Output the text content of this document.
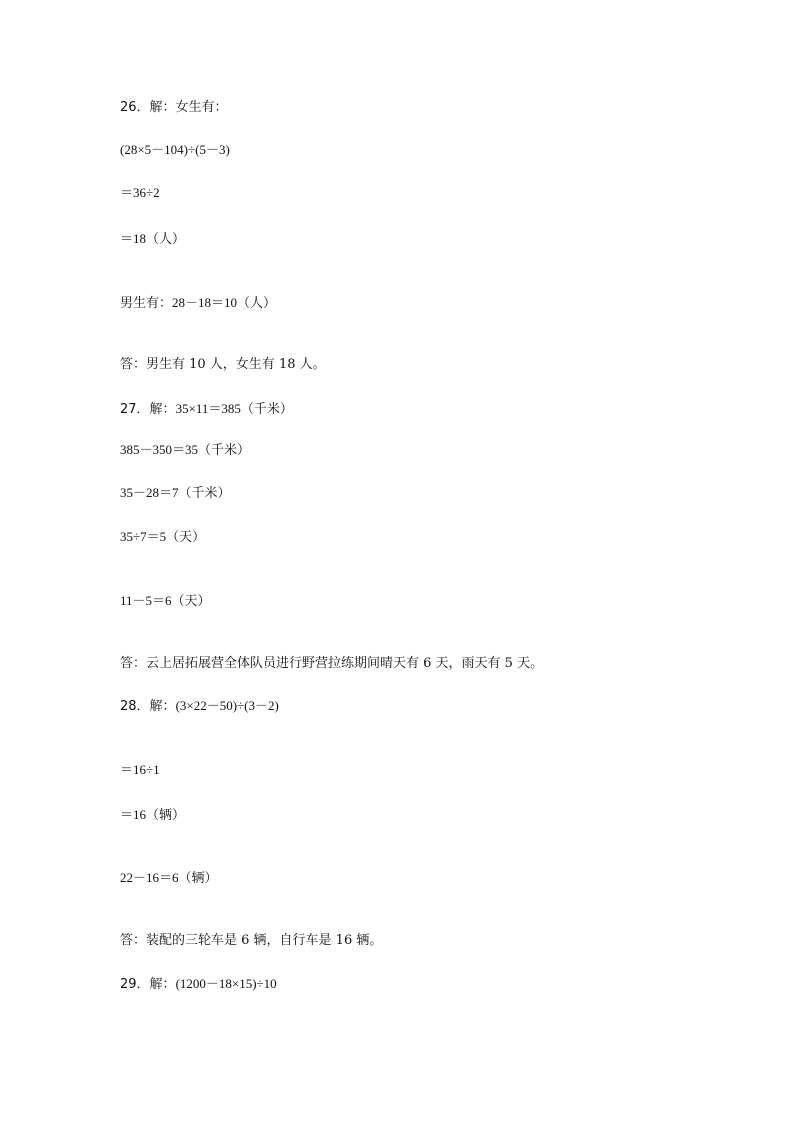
26．解：女生有：
(28×5－104)÷(5－3)
＝36÷2
＝18（人）
男生有：28－18＝10（人）
答：男生有 10 人，女生有 18 人。
27．解：35×11＝385（千米）
385－350＝35（千米）
35－28＝7（千米）
35÷7＝5（天）
11－5＝6（天）
答：云上居拓展营全体队员进行野营拉练期间晴天有 6 天，雨天有 5 天。
28．解：(3×22－50)÷(3－2)
＝16÷1
＝16（辆）
22－16＝6（辆）
答：装配的三轮车是 6 辆，自行车是 16 辆。
29．解：(1200－18×15)÷10
